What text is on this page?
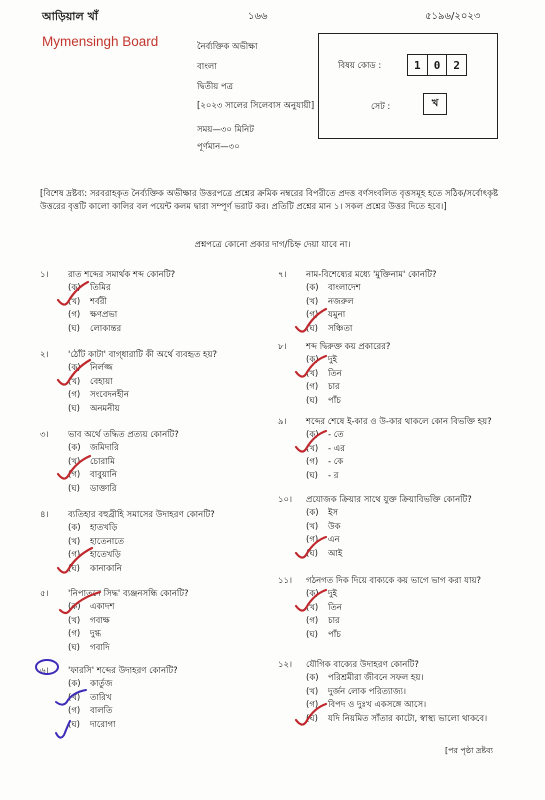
আড়িয়াল খাঁ	১৬৬	৫১৯৬/২০২৩
Mymensingh Board	নৈর্ব্যক্তিক অভীক্ষা
বাংলা
দ্বিতীয় পত্র
[২০২৩ সালের সিলেবাস অনুযায়ী]
সময়—৩০ মিনিট
পূর্ণমান—৩০
বিষয় কোড :	1	0	2
সেট :	খ
[বিশেষ দ্রষ্টব্য: সরবরাহকৃত নৈর্ব্যক্তিক অভীক্ষার উত্তরপত্রে প্রশ্নের ক্রমিক নম্বরের বিপরীতে প্রদত্ত বর্ণসংবলিত বৃত্তসমূহ হতে সঠিক/সর্বোৎকৃষ্ট উত্তরের বৃত্তটি কালো কালির বল পয়েন্ট কলম দ্বারা সম্পূর্ণ ভরাট কর। প্রতিটি প্রশ্নের মান ১। সকল প্রশ্নের উত্তর দিতে হবে।]
প্রশ্নপত্রে কোনো প্রকার দাগ/চিহ্ন দেয়া যাবে না।
১। রাত শব্দের সমার্থক শব্দ কোনটি?
(ক) তিমির
(খ) শর্বরী
(গ) ক্ষণপ্রভা
(ঘ) লোকান্তর
২। 'ঠোঁট কাটা' বাগ্‌ধারাটি কী অর্থে ব্যবহৃত হয়?
(ক) নির্লজ্জ
(খ) বেহায়া
(গ) সংবেদনহীন
(ঘ) অনমনীয়
৩। ভাব অর্থে তদ্ধিত প্রত্যয় কোনটি?
(ক) জমিদারি
(খ) চোরামি
(গ) বাবুয়ানি
(ঘ) ডাক্তারি
৪। ব্যতিহার বহুব্রীহি সমাসের উদাহরণ কোনটি?
(ক) হাতখড়ি
(খ) হাতেনাতে
(গ) হাতেখড়ি
(ঘ) কানাকানি
৫। 'নিপাতনে সিদ্ধ' ব্যঞ্জনসন্ধি কোনটি?
(ক) একাদশ
(খ) গবাক্ষ
(গ) দুগ্ধ
(ঘ) গবাদি
৬। 'ফারসি' শব্দের উদাহরণ কোনটি?
(ক) কার্তুজ
(খ) তারিখ
(গ) বালতি
(ঘ) দারোগা
৭। নাম-বিশেষ্যের মধ্যে 'মুক্তিনাম' কোনটি?
(ক) বাংলাদেশ
(খ) নজরুল
(গ) যমুনা
(ঘ) সঞ্চিতা
৮। শব্দ দ্বিরুক্ত কয় প্রকারের?
(ক) দুই
(খ) তিন
(গ) চার
(ঘ) পাঁচ
৯। শব্দের শেষে ই-কার ও উ-কার থাকলে কোন বিভক্তি হয়?
(ক) - তে
(খ) - এর
(গ) - কে
(ঘ) - র
১০। প্রযোজক ক্রিয়ার সাথে যুক্ত ক্রিয়াবিভক্তি কোনটি?
(ক) ইস
(খ) উক
(গ) এন
(ঘ) আই
১১। গঠনগত দিক দিয়ে বাক্যকে কয় ভাগে ভাগ করা যায়?
(ক) দুই
(খ) তিন
(গ) চার
(ঘ) পাঁচ
১২। যৌগিক বাক্যের উদাহরণ কোনটি?
(ক) পরিশ্রমীরা জীবনে সফল হয়।
(খ) দুর্জন লোক পরিত্যাজ্য।
(গ) বিপদ ও দুঃখ একসঙ্গে আসে।
(ঘ) যদি নিয়মিত সাঁতার কাটো, স্বাস্থ্য ভালো থাকবে।
[পর পৃষ্ঠা দ্রষ্টব্য
